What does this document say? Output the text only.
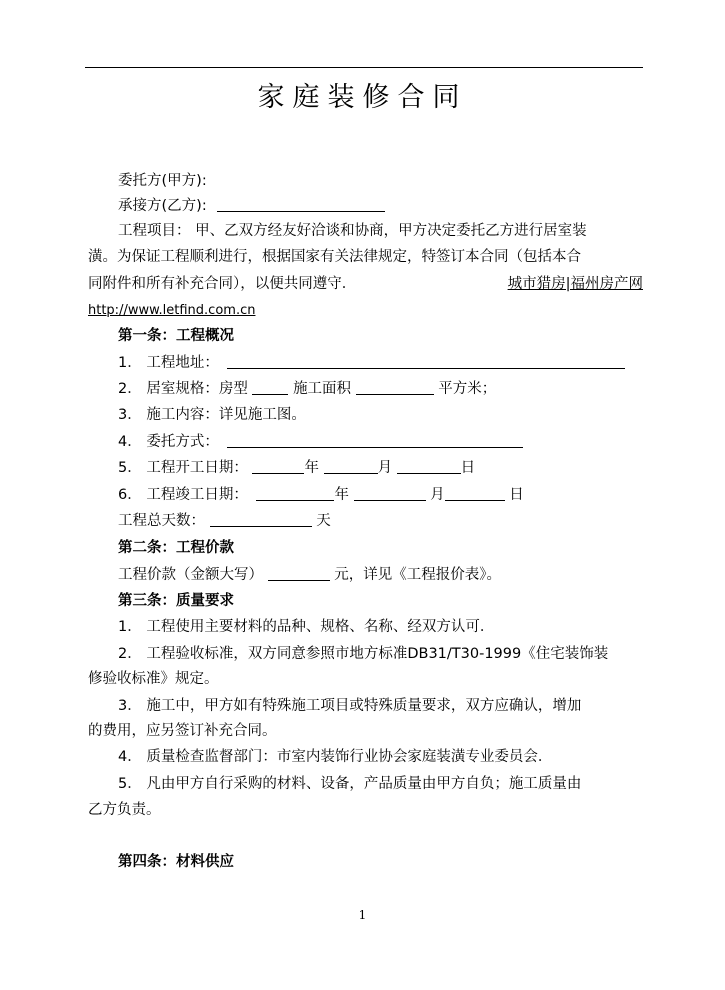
家庭装修合同
委托方(甲方):
承接方(乙方):
工程项目： 甲、乙双方经友好洽谈和协商，甲方决定委托乙方进行居室装
潢。为保证工程顺利进行，根据国家有关法律规定，特签订本合同（包括本合
同附件和所有补充合同），以便共同遵守．	城市猎房|福州房产网
http://www.letfind.com.cn
第一条：工程概况
1． 工程地址：
2． 居室规格：房型	施工面积	平方米；
3． 施工内容：详见施工图。
4． 委托方式：
5． 工程开工日期：	年	月	日
6． 工程竣工日期：	年	月	日
工程总天数：	天
第二条：工程价款
工程价款（金额大写）	元，详见《工程报价表》。
第三条：质量要求
1． 工程使用主要材料的品种、规格、名称、经双方认可．
2． 工程验收标准，双方同意参照市地方标准DB31/T30-1999《住宅装饰装
修验收标准》规定。
3． 施工中，甲方如有特殊施工项目或特殊质量要求，双方应确认，增加
的费用，应另签订补充合同。
4． 质量检查监督部门：市室内装饰行业协会家庭装潢专业委员会．
5． 凡由甲方自行采购的材料、设备，产品质量由甲方自负；施工质量由
乙方负责。
第四条：材料供应
1
